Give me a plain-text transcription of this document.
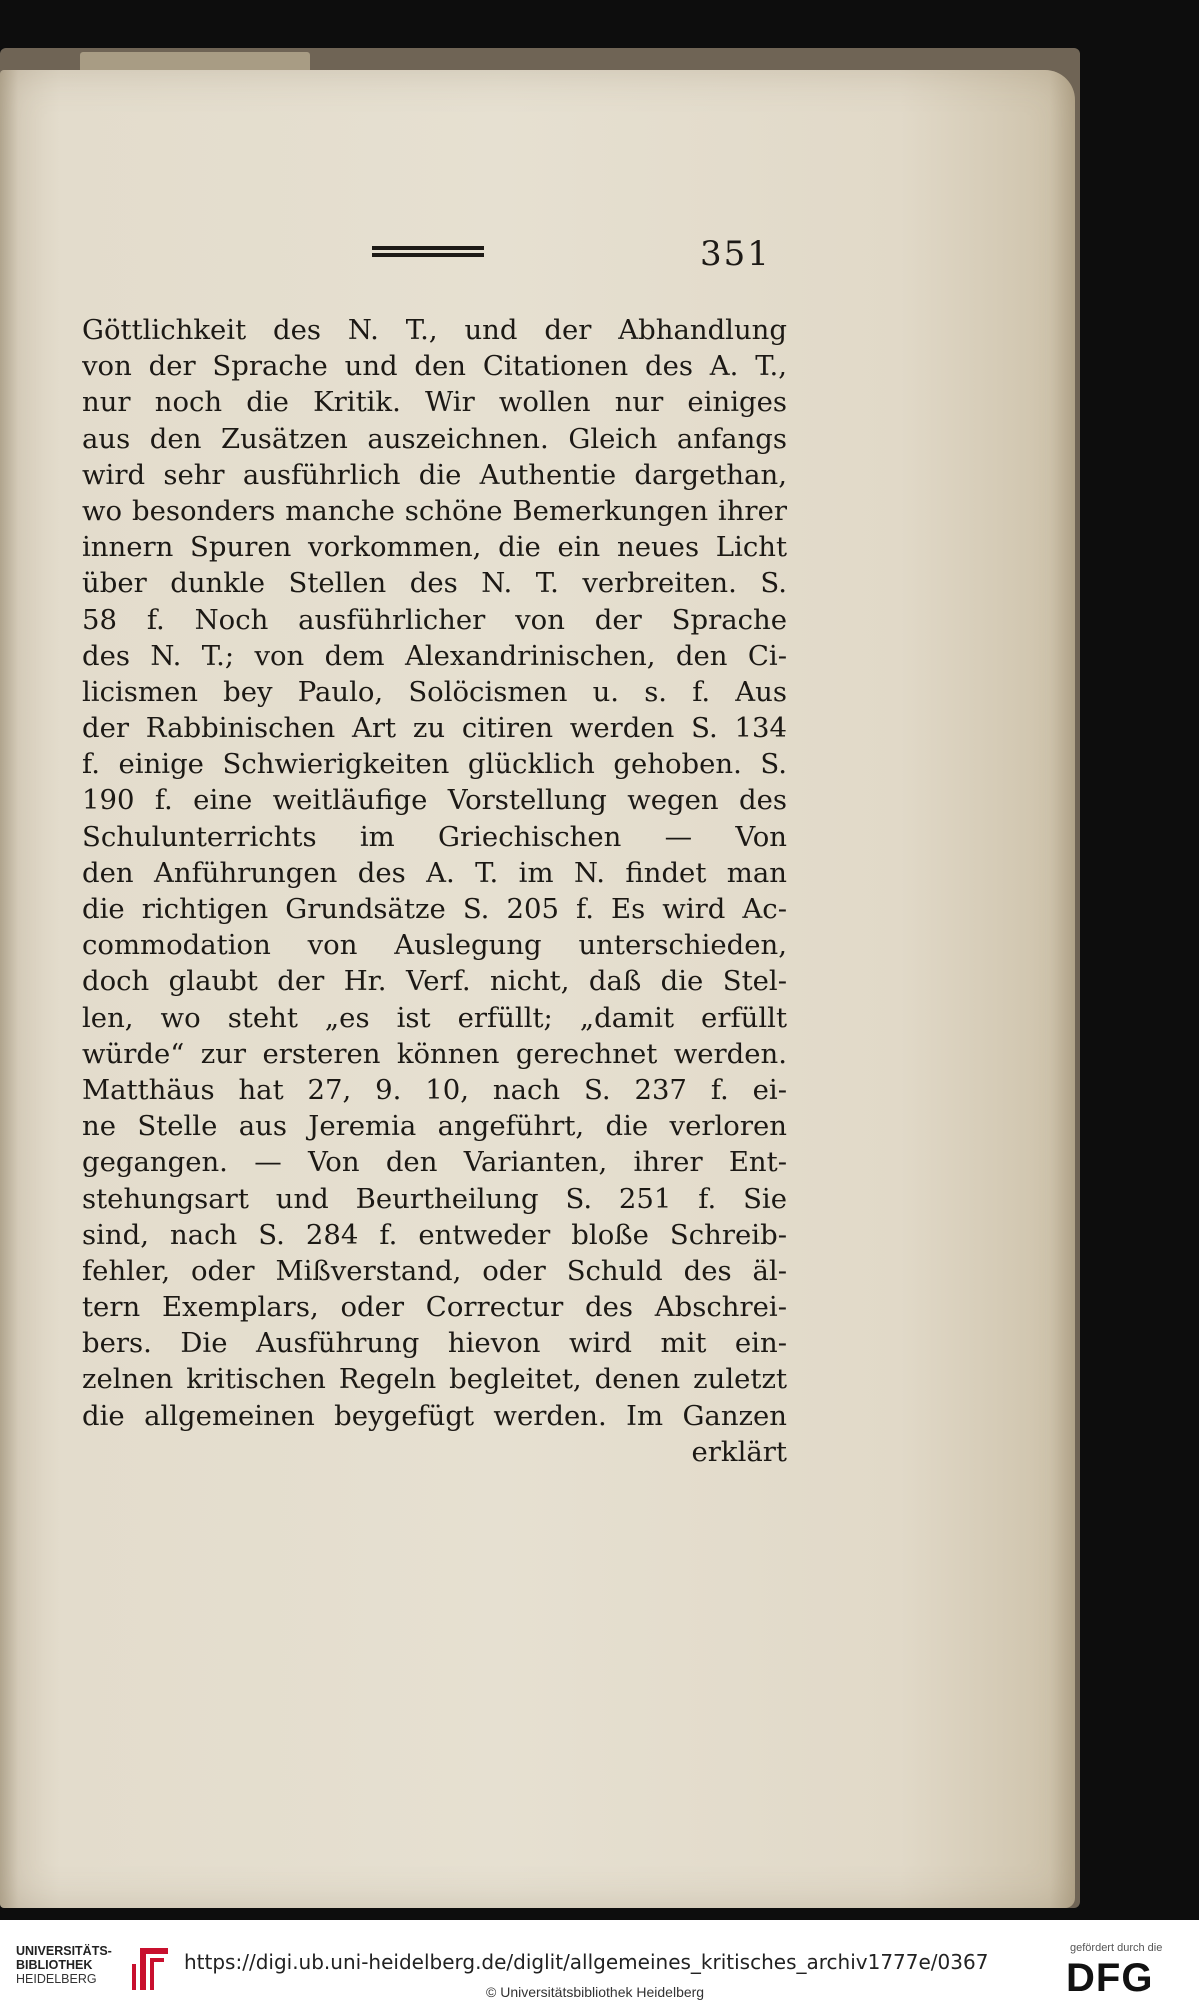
351
Göttlichkeit des N. T., und der Abhandlung
von der Sprache und den Citationen des A. T.,
nur noch die Kritik. Wir wollen nur einiges
aus den Zusätzen auszeichnen. Gleich anfangs
wird sehr ausführlich die Authentie dargethan,
wo besonders manche schöne Bemerkungen ihrer
innern Spuren vorkommen, die ein neues Licht
über dunkle Stellen des N. T. verbreiten. S.
58 f. Noch ausführlicher von der Sprache
des N. T.; von dem Alexandrinischen, den Ci-
licismen bey Paulo, Solöcismen u. s. f. Aus
der Rabbinischen Art zu citiren werden S. 134
f. einige Schwierigkeiten glücklich gehoben. S.
190 f. eine weitläufige Vorstellung wegen des
Schulunterrichts im Griechischen — Von
den Anführungen des A. T. im N. findet man
die richtigen Grundsätze S. 205 f. Es wird Ac-
commodation von Auslegung unterschieden,
doch glaubt der Hr. Verf. nicht, daß die Stel-
len, wo steht „es ist erfüllt; „damit erfüllt
würde“ zur ersteren können gerechnet werden.
Matthäus hat 27, 9. 10, nach S. 237 f. ei-
ne Stelle aus Jeremia angeführt, die verloren
gegangen. — Von den Varianten, ihrer Ent-
stehungsart und Beurtheilung S. 251 f. Sie
sind, nach S. 284 f. entweder bloße Schreib-
fehler, oder Mißverstand, oder Schuld des äl-
tern Exemplars, oder Correctur des Abschrei-
bers. Die Ausführung hievon wird mit ein-
zelnen kritischen Regeln begleitet, denen zuletzt
die allgemeinen beygefügt werden. Im Ganzen
erklärt
UNIVERSITÄTS-
BIBLIOTHEK
HEIDELBERG
https://digi.ub.uni-heidelberg.de/diglit/allgemeines_kritisches_archiv1777e/0367
© Universitätsbibliothek Heidelberg
gefördert durch die
DFG
